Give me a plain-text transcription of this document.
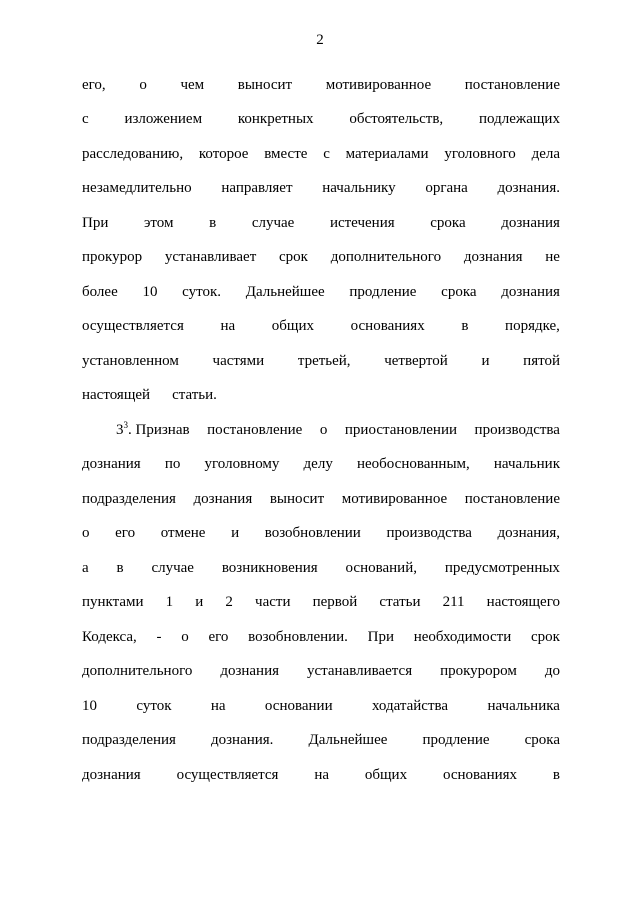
2
его, о чем выносит мотивированное постановление
с изложением конкретных обстоятельств, подлежащих
расследованию, которое вместе с материалами уголовного дела
незамедлительно направляет начальнику органа дознания.
При этом в случае истечения срока дознания
прокурор устанавливает срок дополнительного дознания не
более 10 суток. Дальнейшее продление срока дознания
осуществляется на общих основаниях в порядке,
установленном частями третьей, четвертой и пятой
настоящей статьи.
$3^3$. Признав постановление о приостановлении производства
дознания по уголовному делу необоснованным, начальник
подразделения дознания выносит мотивированное постановление
о его отмене и возобновлении производства дознания,
а в случае возникновения оснований, предусмотренных
пунктами 1 и 2 части первой статьи 211 настоящего
Кодекса, - о его возобновлении. При необходимости срок
дополнительного дознания устанавливается прокурором до
10	суток	на	основании	ходатайства	начальника
подразделения дознания. Дальнейшее продление срока
дознания осуществляется на общих основаниях в
